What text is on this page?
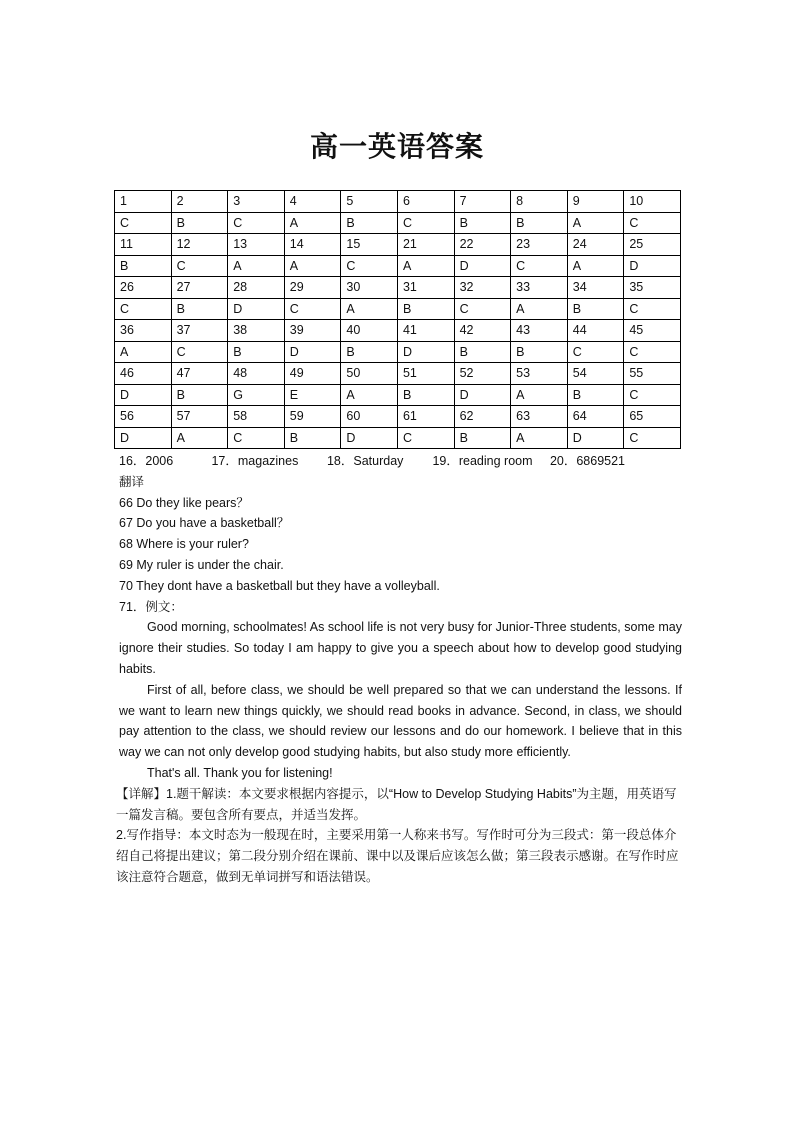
高一英语答案
1	2	3	4	5	6	7	8	9	10
C	B	C	A	B	C	B	B	A	C
11	12	13	14	15	21	22	23	24	25
B	C	A	A	C	A	D	C	A	D
26	27	28	29	30	31	32	33	34	35
C	B	D	C	A	B	C	A	B	C
36	37	38	39	40	41	42	43	44	45
A	C	B	D	B	D	B	B	C	C
46	47	48	49	50	51	52	53	54	55
D	B	G	E	A	B	D	A	B	C
56	57	58	59	60	61	62	63	64	65
D	A	C	B	D	C	B	A	D	C
16．2006	17．magazines 18．Saturday 19．reading room 20．6869521
翻译
66 Do they like pears？
67 Do you have a basketball？
68 Where is your ruler?
69 My ruler is under the chair.
70 They dont have a basketball but they have a volleyball.
71．例文：
Good morning, schoolmates! As school life is not very busy for Junior-Three students, some may ignore their studies. So today I am happy to give you a speech about how to develop good studying habits.
First of all, before class, we should be well prepared so that we can understand the lessons. If we want to learn new things quickly, we should read books in advance. Second, in class, we should pay attention to the class, we should review our lessons and do our homework. I believe that in this way we can not only develop good studying habits, but also study more efficiently.
That's all. Thank you for listening!
【详解】1.题干解读：本文要求根据内容提示，以“How to Develop Studying Habits”为主题，用英语写一篇发言稿。要包含所有要点，并适当发挥。
2.写作指导：本文时态为一般现在时，主要采用第一人称来书写。写作时可分为三段式：第一段总体介绍自己将提出建议；第二段分别介绍在课前、课中以及课后应该怎么做；第三段表示感谢。在写作时应该注意符合题意，做到无单词拼写和语法错误。
